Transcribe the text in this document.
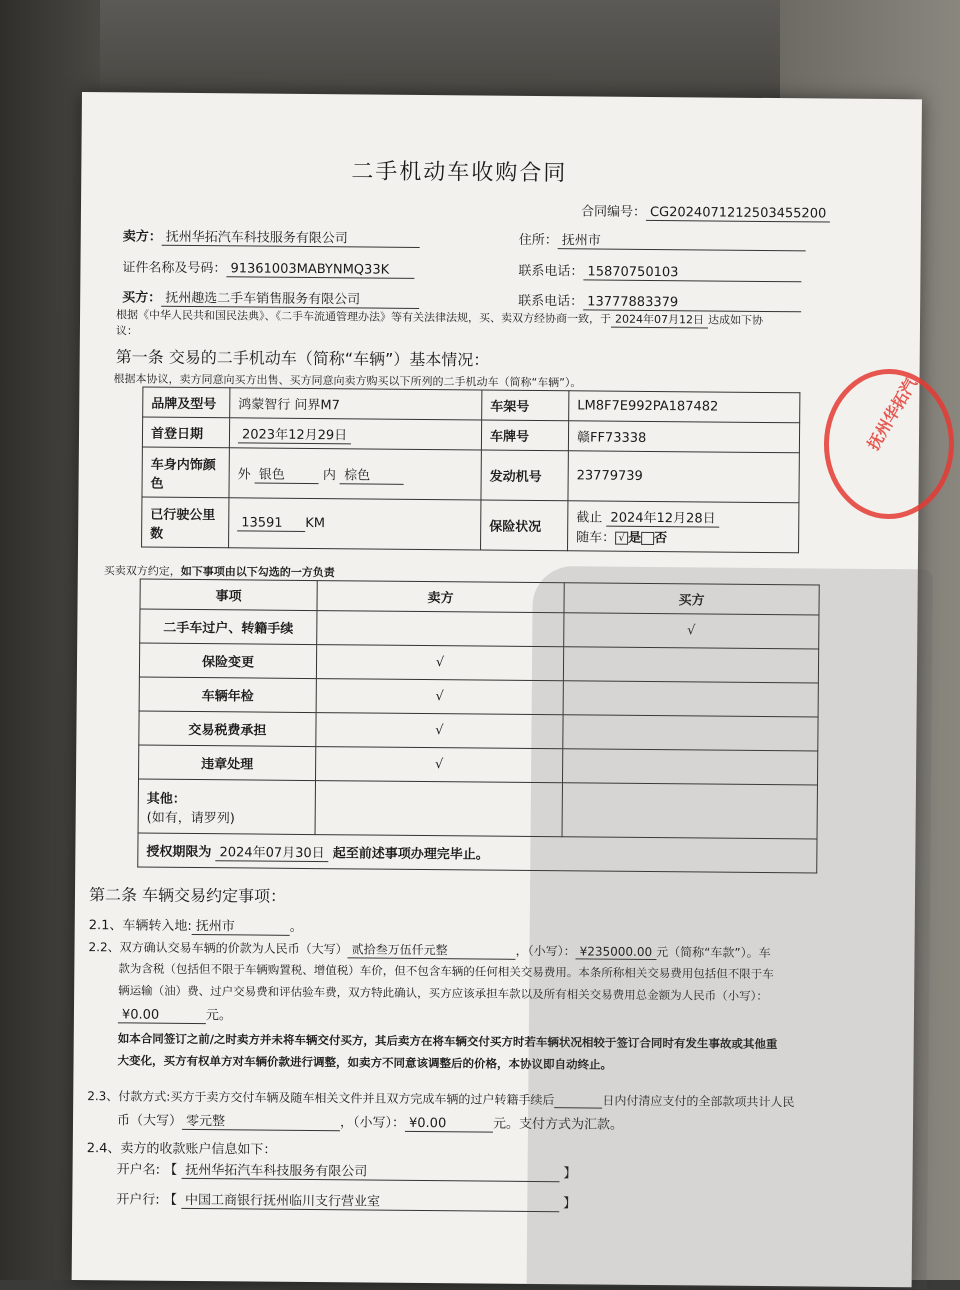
二手机动车收购合同
合同编号： CG2024071212503455200
卖方： 抚州华拓汽车科技服务有限公司	住所： 抚州市
证件名称及号码： 91361003MABYNMQ33K	联系电话： 15870750103
买方： 抚州趣选二手车销售服务有限公司	联系电话： 13777883379
根据《中华人民共和国民法典》、《二手车流通管理办法》等有关法律法规，买、卖双方经协商一致，于 2024年07月12日 达成如下协
议：
第一条 交易的二手机动车（简称“车辆”）基本情况：
根据本协议，卖方同意向买方出售、买方同意向卖方购买以下所列的二手机动车（简称“车辆”）。
品牌及型号	鸿蒙智行 问界M7	车架号	LM8F7E992PA187482
首登日期	2023年12月29日	车牌号	赣FF73338
车身内饰颜色	外 银色 内 棕色	发动机号	23779739
已行驶公里数	13591 KM	保险状况	截止 2024年12月28日
随车： √ 是 否
买卖双方约定，如下事项由以下勾选的一方负责
事项	卖方	买方
二手车过户、转籍手续		√
保险变更	√	
车辆年检	√	
交易税费承担	√	
违章处理	√	

其他：
(如有，请罗列)		

授权期限为 2024年07月30日 起至前述事项办理完毕止。		
第二条 车辆交易约定事项：
2.1、车辆转入地: 抚州市	。
2.2、双方确认交易车辆的价款为人民币（大写） 贰拾叁万伍仟元整	，（小写）： ¥235000.00 元（简称“车款”）。车
款为含税（包括但不限于车辆购置税、增值税）车价，但不包含车辆的任何相关交易费用。本条所称相关交易费用包括但不限于车
辆运输（油）费、过户交易费和评估验车费，双方特此确认，买方应该承担车款以及所有相关交易费用总金额为人民币（小写）：
¥0.00	元。
如本合同签订之前/之时卖方并未将车辆交付买方，其后卖方在将车辆交付买方时若车辆状况相较于签订合同时有发生事故或其他重
大变化，买方有权单方对车辆价款进行调整，如卖方不同意该调整后的价格，本协议即自动终止。
2.3、付款方式:买方于卖方交付车辆及随车相关文件并且双方完成车辆的过户转籍手续后	日内付清应支付的全部款项共计人民
币（大写） 零元整	，（小写）： ¥0.00	元。支付方式为汇款。
2.4、卖方的收款账户信息如下：
开户名: 【 抚州华拓汽车科技服务有限公司	】
开户行: 【 中国工商银行抚州临川支行营业室	】
抚州华拓汽
